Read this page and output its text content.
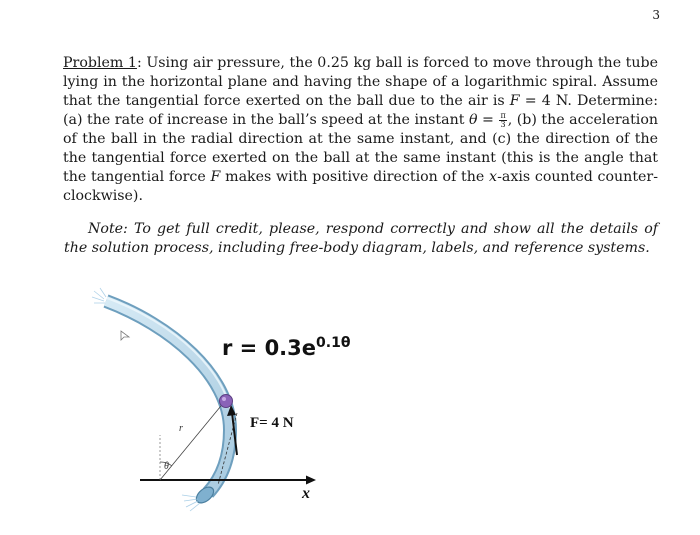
3
Problem 1: Using air pressure, the 0.25 kg ball is forced to move through the tube lying in the horizontal plane and having the shape of a logarithmic spiral. Assume that the tangential force exerted on the ball due to the air is F = 4 N. Determine: (a) the rate of increase in the ball’s speed at the instant $\theta = \frac{\pi}{3}$ , (b) the acceleration of the ball in the radial direction at the same instant, and (c) the direction of the the tangential force exerted on the ball at the same instant (this is the angle that the tangential force F makes with positive direction of the x-axis counted counter-clockwise).
Note: To get full credit, please, respond correctly and show all the details of the solution process, including free-body diagram, labels, and reference systems.
$r = 0.3e^{0.1\theta}$
F= 4 N
x
r
θ
